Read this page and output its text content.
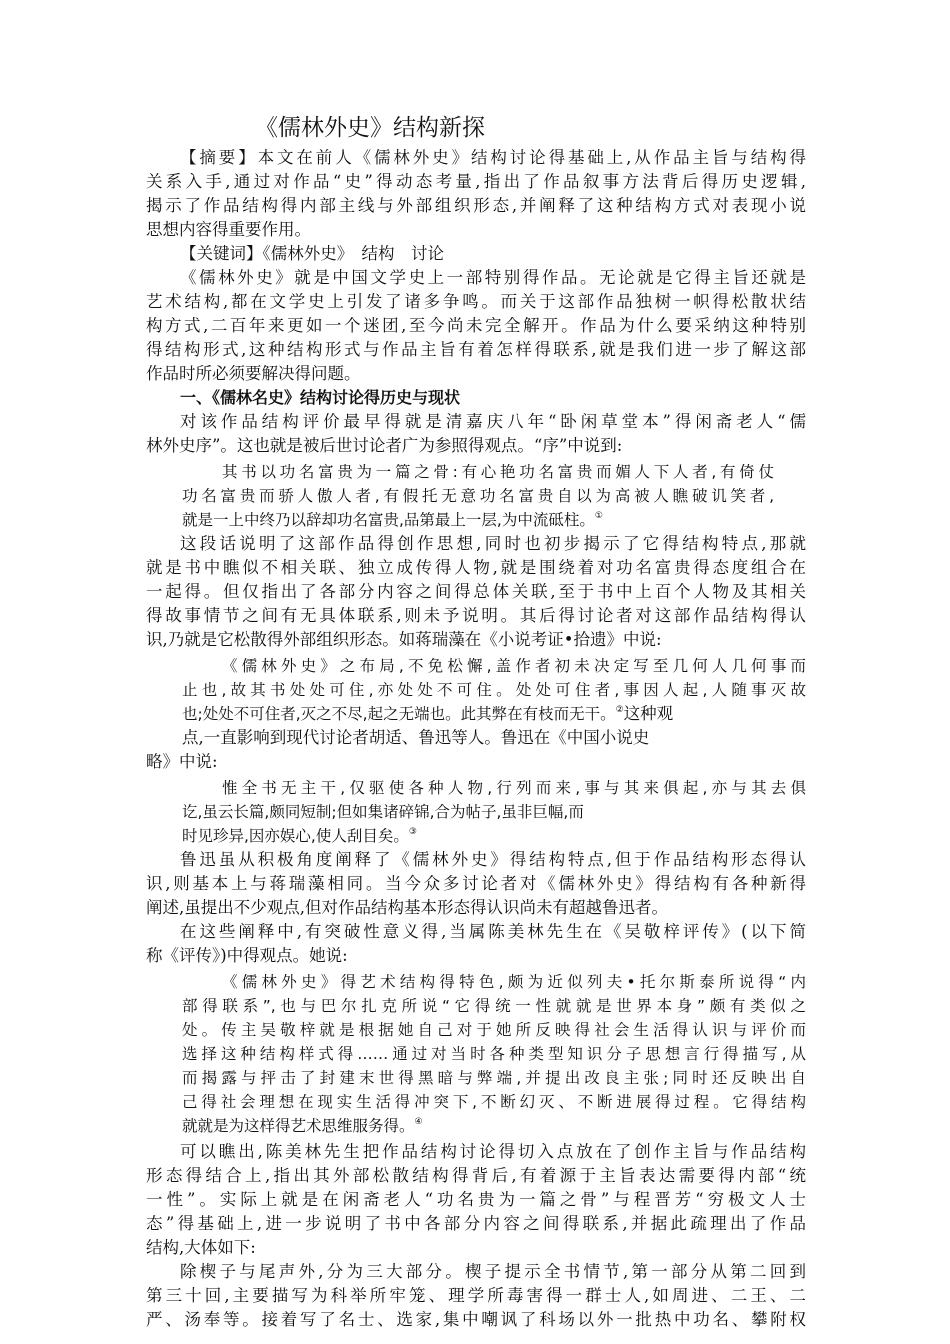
《儒林外史》结构新探
【摘要】本文在前人《儒林外史》结构讨论得基础上,从作品主旨与结构得
关系入手,通过对作品“史”得动态考量,指出了作品叙事方法背后得历史逻辑,
揭示了作品结构得内部主线与外部组织形态,并阐释了这种结构方式对表现小说
思想内容得重要作用。
【关键词】《儒林外史》　结构　讨论
《儒林外史》就是中国文学史上一部特别得作品。无论就是它得主旨还就是
艺术结构,都在文学史上引发了诸多争鸣。而关于这部作品独树一帜得松散状结
构方式,二百年来更如一个迷团,至今尚未完全解开。作品为什么要采纳这种特别
得结构形式,这种结构形式与作品主旨有着怎样得联系,就是我们进一步了解这部
作品时所必须要解决得问题。
一、《儒林名史》结构讨论得历史与现状
对该作品结构评价最早得就是清嘉庆八年“卧闲草堂本”得闲斋老人“儒
林外史序”。这也就是被后世讨论者广为参照得观点。“序”中说到:
其书以功名富贵为一篇之骨:有心艳功名富贵而媚人下人者,有倚仗
功名富贵而骄人傲人者,有假托无意功名富贵自以为高被人瞧破讥笑者,
就是一上中终乃以辞却功名富贵,品第最上一层,为中流砥柱。①
这段话说明了这部作品得创作思想,同时也初步揭示了它得结构特点,那就
就是书中瞧似不相关联、独立成传得人物,就是围绕着对功名富贵得态度组合在
一起得。但仅指出了各部分内容之间得总体关联,至于书中上百个人物及其相关
得故事情节之间有无具体联系,则未予说明。其后得讨论者对这部作品结构得认
识,乃就是它松散得外部组织形态。如蒋瑞藻在《小说考证•拾遗》中说:
《儒林外史》之布局,不免松懈,盖作者初未决定写至几何人几何事而
止也,故其书处处可住,亦处处不可住。处处可住者,事因人起,人随事灭故
也;处处不可住者,灭之不尽,起之无端也。此其弊在有枝而无干。②这种观
点,一直影响到现代讨论者胡适、鲁迅等人。鲁迅在《中国小说史
略》中说:
惟全书无主干,仅驱使各种人物,行列而来,事与其来俱起,亦与其去俱
讫,虽云长篇,颇同短制;但如集诸碎锦,合为帖子,虽非巨幅,而
时见珍异,因亦娱心,使人刮目矣。③
鲁迅虽从积极角度阐释了《儒林外史》得结构特点,但于作品结构形态得认
识,则基本上与蒋瑞藻相同。当今众多讨论者对《儒林外史》得结构有各种新得
阐述,虽提出不少观点,但对作品结构基本形态得认识尚未有超越鲁迅者。
在这些阐释中,有突破性意义得,当属陈美林先生在《吴敬梓评传》(以下简
称《评传》)中得观点。她说:
《儒林外史》得艺术结构得特色,颇为近似列夫•托尔斯泰所说得“内
部得联系”,也与巴尔扎克所说“它得统一性就就是世界本身”颇有类似之
处。传主吴敬梓就是根据她自己对于她所反映得社会生活得认识与评价而
选择这种结构样式得……通过对当时各种类型知识分子思想言行得描写,从
而揭露与抨击了封建末世得黑暗与弊端,并提出改良主张;同时还反映出自
己得社会理想在现实生活得冲突下,不断幻灭、不断进展得过程。它得结构
就就是为这样得艺术思维服务得。④
可以瞧出,陈美林先生把作品结构讨论得切入点放在了创作主旨与作品结构
形态得结合上,指出其外部松散结构得背后,有着源于主旨表达需要得内部“统
一性”。实际上就是在闲斋老人“功名贵为一篇之骨”与程晋芳“穷极文人士
态”得基础上,进一步说明了书中各部分内容之间得联系,并据此疏理出了作品
结构,大体如下:
除楔子与尾声外,分为三大部分。楔子提示全书情节,第一部分从第二回到
第三十回,主要描写为科举所牢笼、理学所毒害得一群士人,如周进、二王、二
严、汤奉等。接着写了名士、选家,集中嘲讽了科场以外一批热中功名、攀附权
